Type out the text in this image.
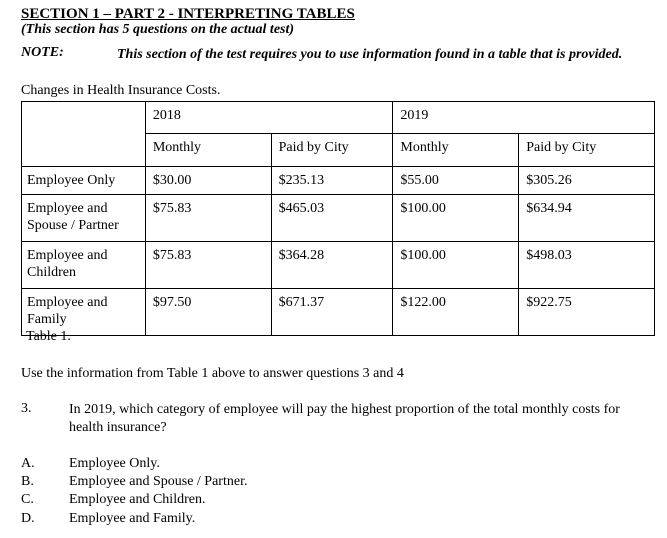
SECTION 1 – PART 2 - INTERPRETING TABLES
(This section has 5 questions on the actual test)
NOTE:	This section of the test requires you to use information found in a table that is provided.
Changes in Health Insurance Costs.
	2018		2019	
	Monthly	Paid by City	Monthly	Paid by City
Employee Only	$30.00	$235.13	$55.00	$305.26
Employee and Spouse / Partner	$75.83	$465.03	$100.00	$634.94
Employee and Children	$75.83	$364.28	$100.00	$498.03
Employee and Family	$97.50	$671.37	$122.00	$922.75
Table 1.
Use the information from Table 1 above to answer questions 3 and 4
3.	In 2019, which category of employee will pay the highest proportion of the total monthly costs for health insurance?
A. Employee Only.
B.	Employee and Spouse / Partner.
C.	Employee and Children.
D. Employee and Family.
